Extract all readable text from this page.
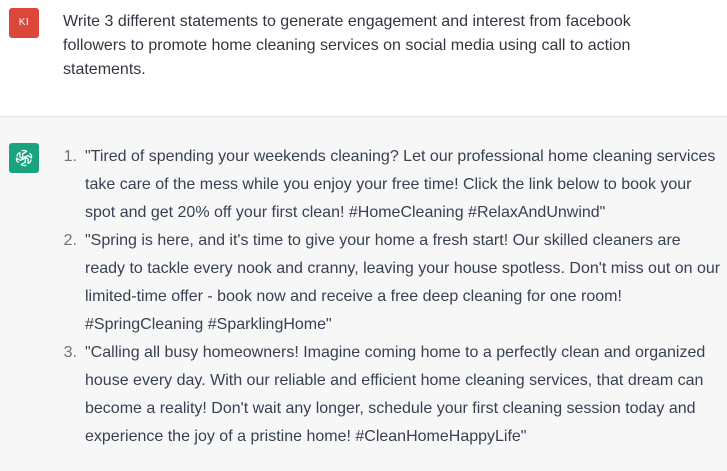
KI	Write 3 different statements to generate engagement and interest from facebook followers to promote home cleaning services on social media using call to action statements.
1. "Tired of spending your weekends cleaning? Let our professional home cleaning services take care of the mess while you enjoy your free time! Click the link below to book your spot and get 20% off your first clean! #HomeCleaning #RelaxAndUnwind"
2. "Spring is here, and it's time to give your home a fresh start! Our skilled cleaners are ready to tackle every nook and cranny, leaving your house spotless. Don't miss out on our limited-time offer - book now and receive a free deep cleaning for one room! #SpringCleaning #SparklingHome"
3. "Calling all busy homeowners! Imagine coming home to a perfectly clean and organized house every day. With our reliable and efficient home cleaning services, that dream can become a reality! Don't wait any longer, schedule your first cleaning session today and experience the joy of a pristine home! #CleanHomeHappyLife"
